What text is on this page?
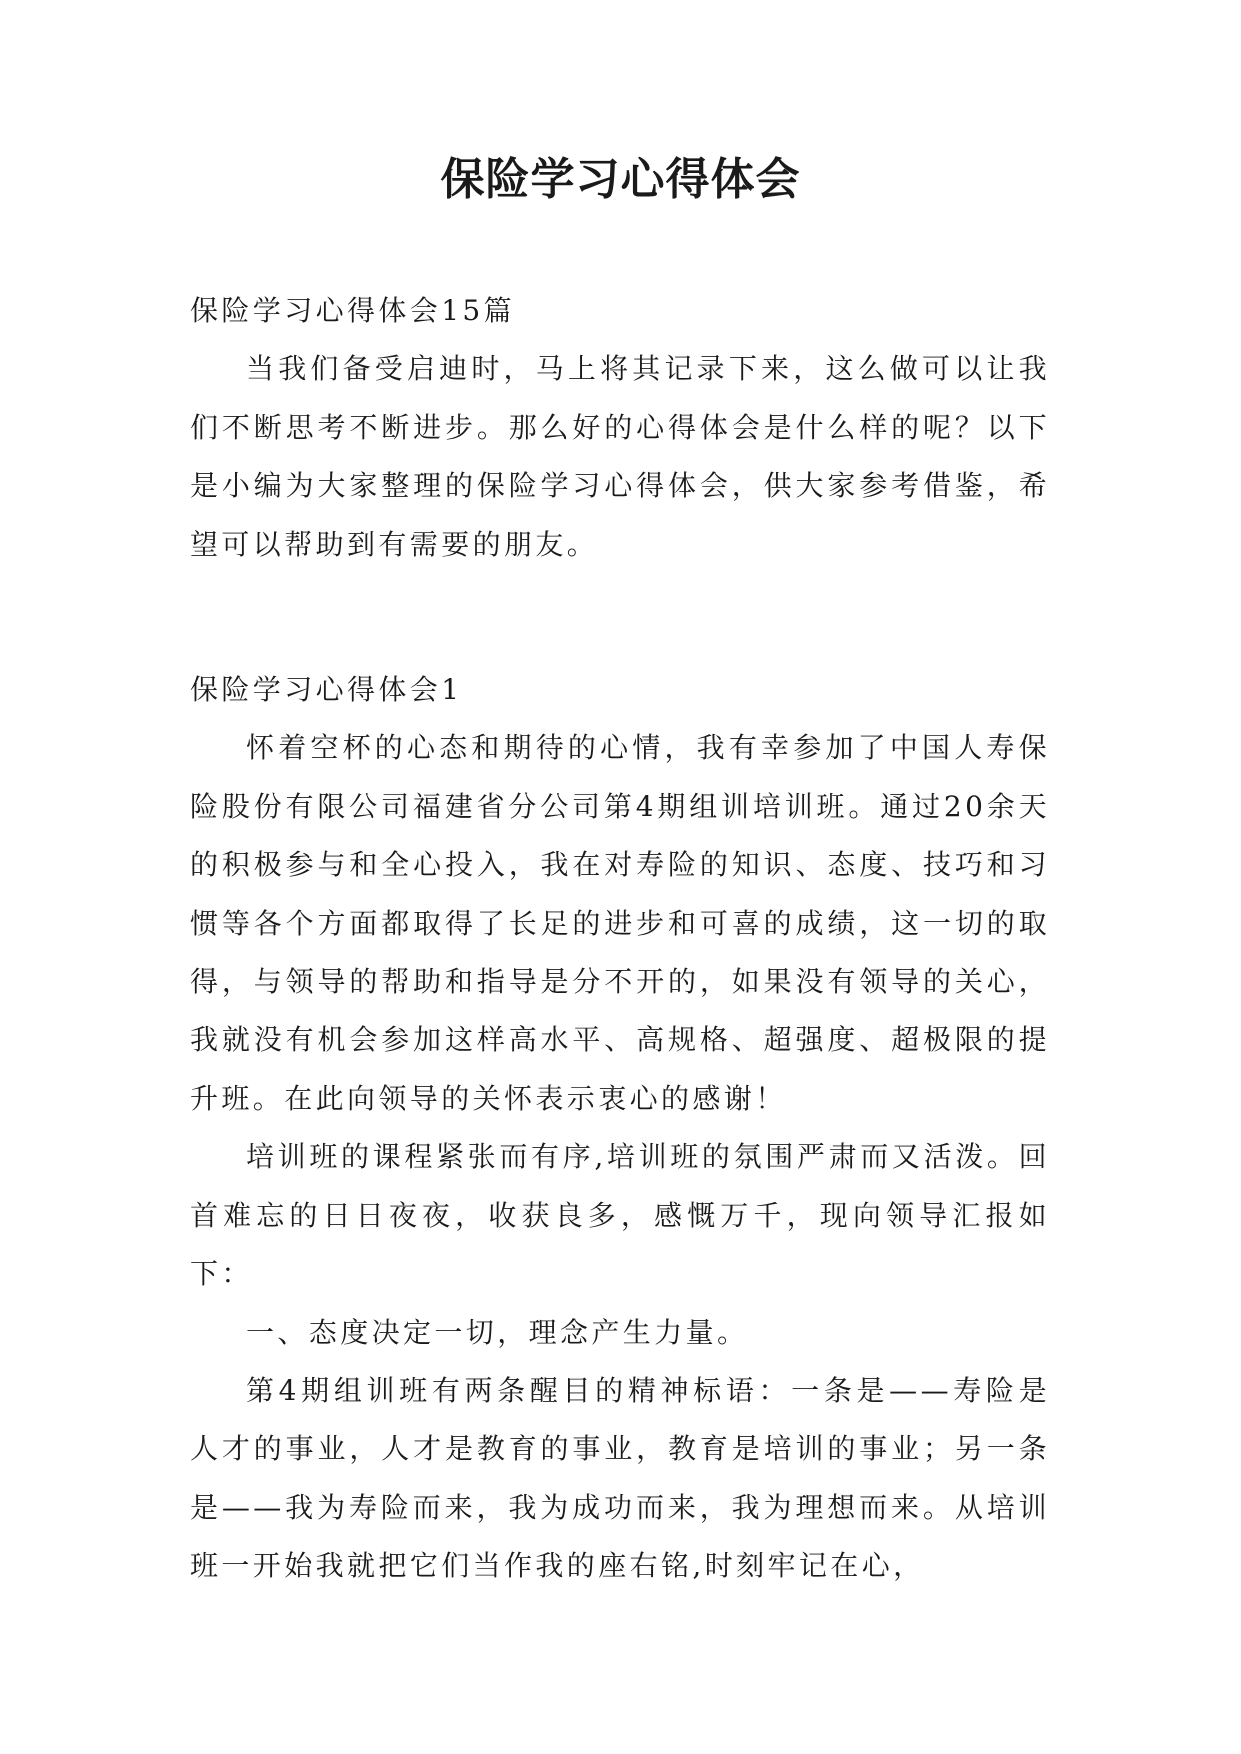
保险学习心得体会

保险学习心得体会15篇

当我们备受启迪时，马上将其记录下来，这么做可以让我们不断思考不断进步。那么好的心得体会是什么样的呢？以下是小编为大家整理的保险学习心得体会，供大家参考借鉴，希望可以帮助到有需要的朋友。

保险学习心得体会1

怀着空杯的心态和期待的心情，我有幸参加了中国人寿保险股份有限公司福建省分公司第4期组训培训班。通过20余天的积极参与和全心投入，我在对寿险的知识、态度、技巧和习惯等各个方面都取得了长足的进步和可喜的成绩，这一切的取得，与领导的帮助和指导是分不开的，如果没有领导的关心，我就没有机会参加这样高水平、高规格、超强度、超极限的提升班。在此向领导的关怀表示衷心的感谢！

培训班的课程紧张而有序,培训班的氛围严肃而又活泼。回首难忘的日日夜夜，收获良多，感慨万千，现向领导汇报如下：

一、态度决定一切，理念产生力量。

第4期组训班有两条醒目的精神标语：一条是——寿险是人才的事业，人才是教育的事业，教育是培训的事业；另一条是——我为寿险而来，我为成功而来，我为理想而来。从培训班一开始我就把它们当作我的座右铭,时刻牢记在心，
